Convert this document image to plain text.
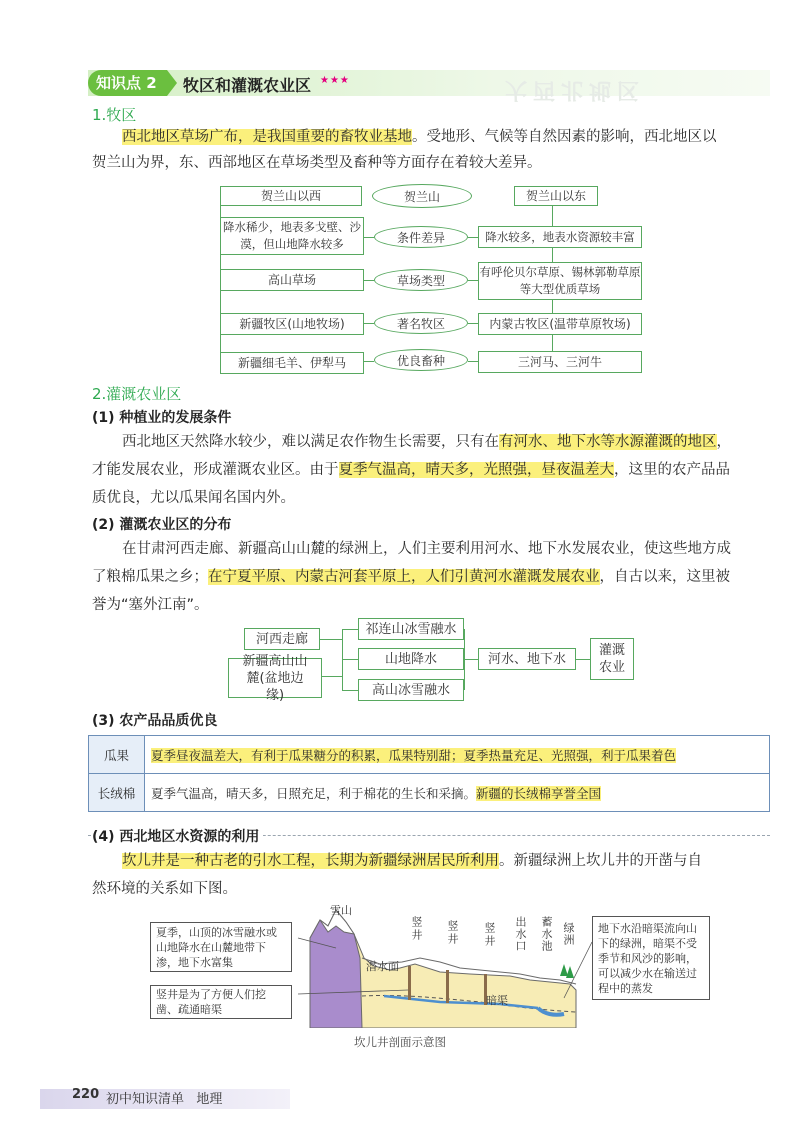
大西北地区
知识点 2	牧区和灌溉农业区 ★★★
1.牧区
西北地区草场广布，是我国重要的畜牧业基地。受地形、气候等自然因素的影响，西北地区以
贺兰山为界，东、西部地区在草场类型及畜种等方面存在着较大差异。
贺兰山以西	贺兰山	贺兰山以东
降水稀少，地表多戈壁、沙漠，但山地降水较多	条件差异	降水较多，地表水资源较丰富
高山草场	草场类型
有呼伦贝尔草原、锡林郭勒草原等大型优质草场
新疆牧区(山地牧场)	著名牧区	内蒙古牧区(温带草原牧场)
新疆细毛羊、伊犁马	优良畜种	三河马、三河牛
2.灌溉农业区
(1) 种植业的发展条件
西北地区天然降水较少，难以满足农作物生长需要，只有在有河水、地下水等水源灌溉的地区，
才能发展农业，形成灌溉农业区。由于夏季气温高，晴天多，光照强，昼夜温差大，这里的农产品品
质优良，尤以瓜果闻名国内外。
(2) 灌溉农业区的分布
在甘肃河西走廊、新疆高山山麓的绿洲上，人们主要利用河水、地下水发展农业，使这些地方成
了粮棉瓜果之乡；在宁夏平原、内蒙古河套平原上，人们引黄河水灌溉发展农业，自古以来，这里被
誉为“塞外江南”。
河西走廊
新疆高山山麓(盆地边缘)
祁连山冰雪融水
山地降水
高山冰雪融水
河水、地下水
灌溉农业
(3) 农产品品质优良
瓜果	夏季昼夜温差大，有利于瓜果糖分的积累，瓜果特别甜；夏季热量充足、光照强，利于瓜果着色
长绒棉	夏季气温高，晴天多，日照充足，利于棉花的生长和采摘。新疆的长绒棉享誉全国
(4) 西北地区水资源的利用
坎儿井是一种古老的引水工程，长期为新疆绿洲居民所利用。新疆绿洲上坎儿井的开凿与自
然环境的关系如下图。
夏季，山顶的冰雪融水或山地降水在山麓地带下渗，地下水富集
竖井是为了方便人们挖凿、疏通暗渠
地下水沿暗渠流向山下的绿洲，暗渠不受季节和风沙的影响，可以减少水在输送过程中的蒸发
雪山
竖井 竖井 竖井 出水口 蓄水池 绿洲
潜水面
暗渠
坎儿井剖面示意图
220 初中知识清单 地理
